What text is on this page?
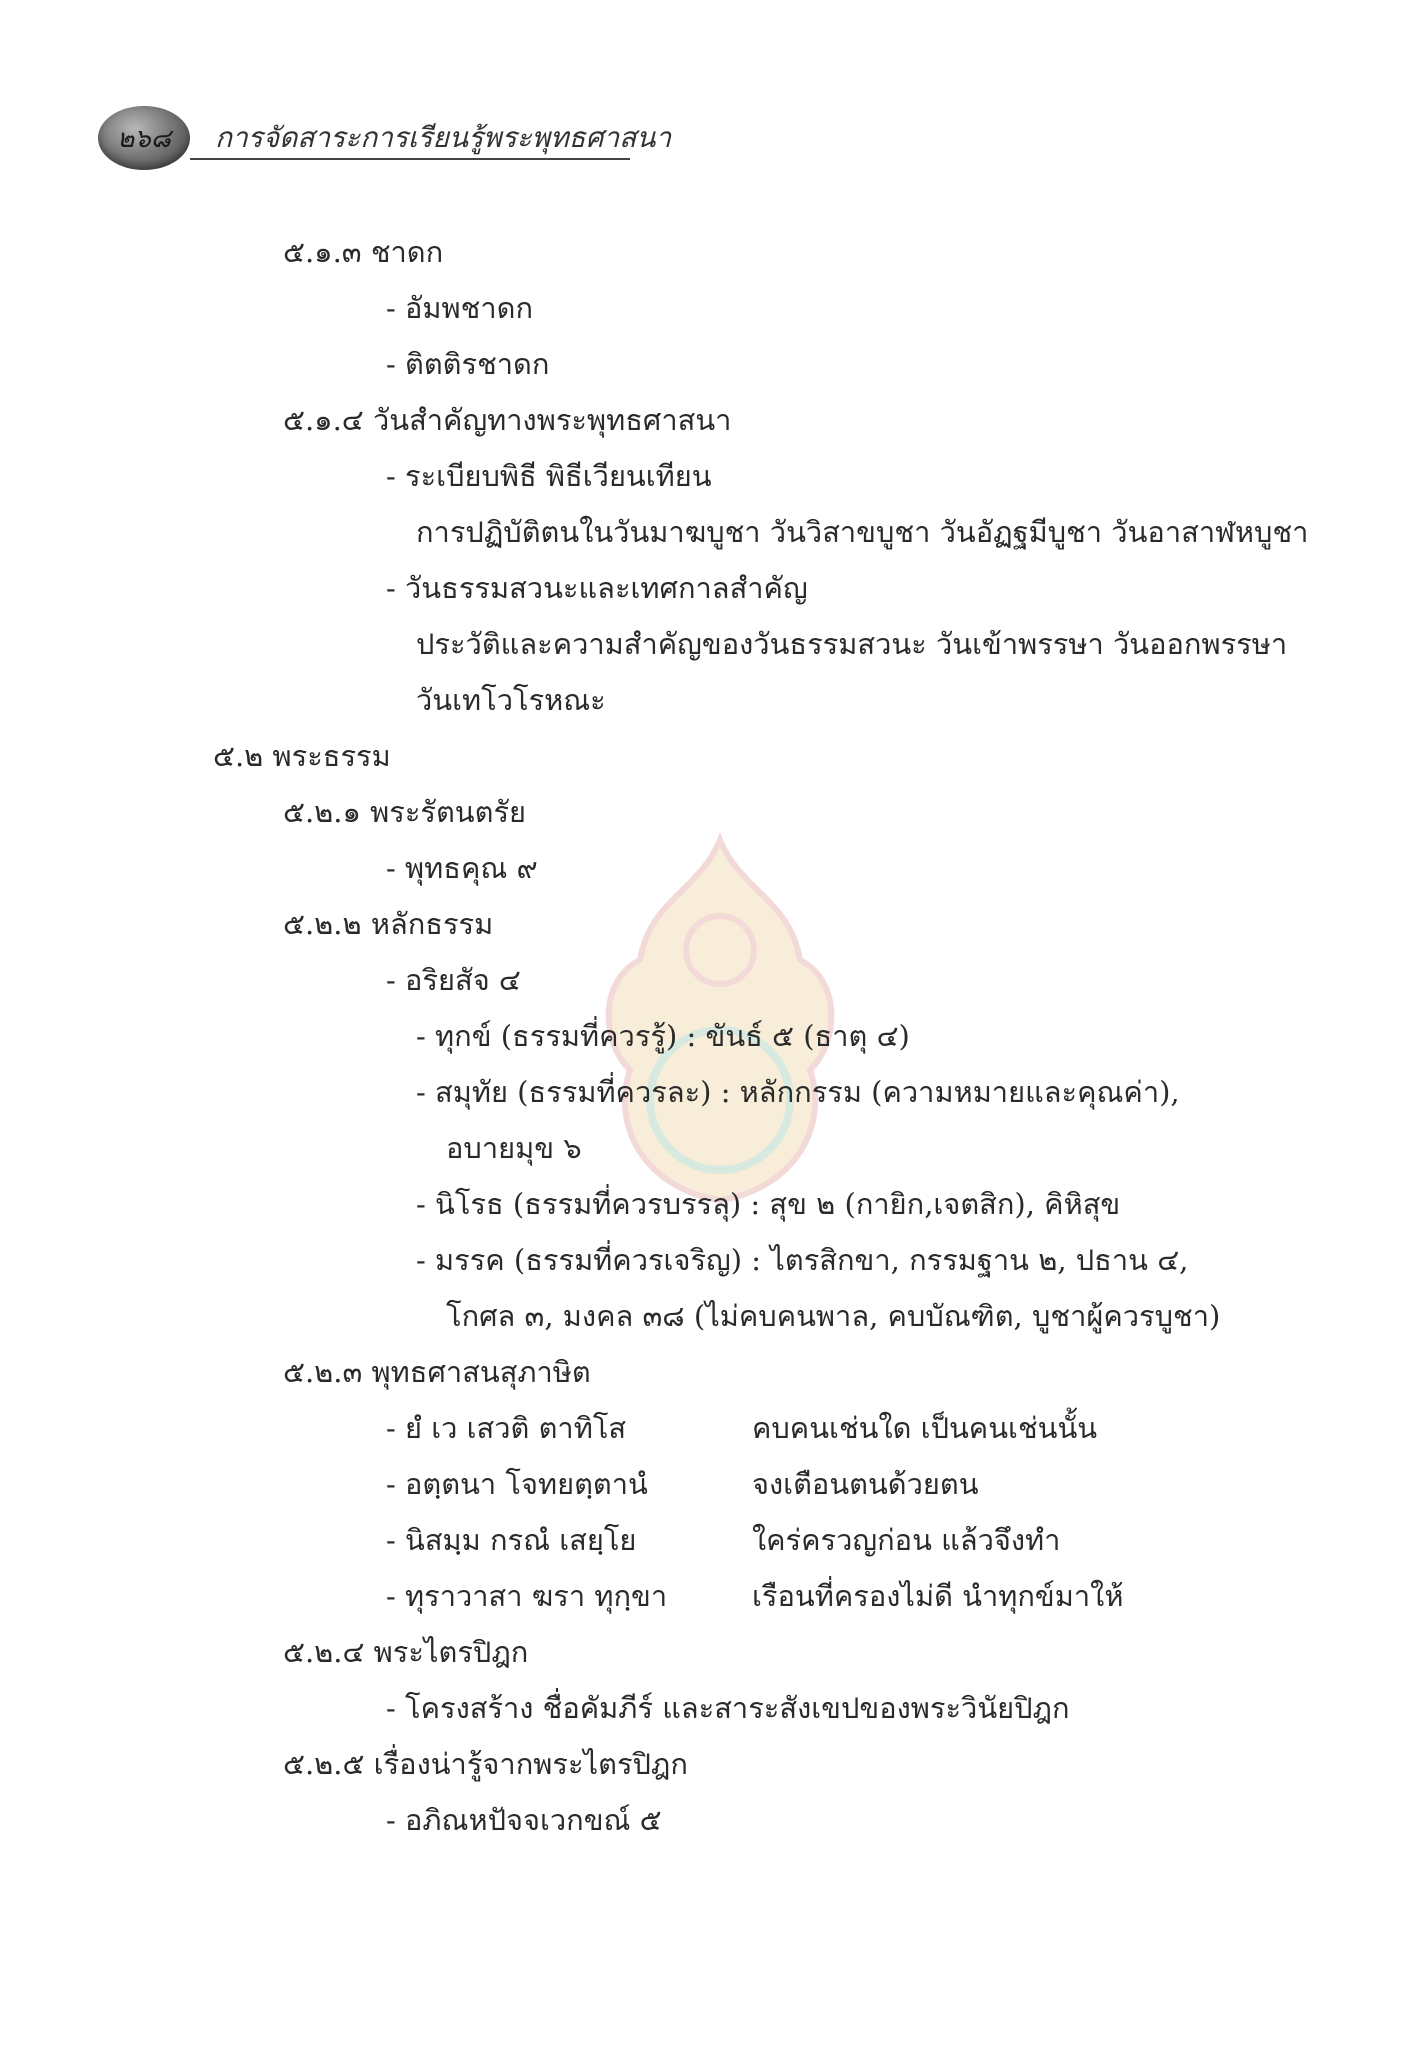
๒๖๘ การจัดสาระการเรียนรู้พระพุทธศาสนา
๕.๑.๓ ชาดก
- อัมพชาดก
- ติตติรชาดก
๕.๑.๔ วันสำคัญทางพระพุทธศาสนา
- ระเบียบพิธี พิธีเวียนเทียน
การปฏิบัติตนในวันมาฆบูชา วันวิสาขบูชา วันอัฏฐมีบูชา วันอาสาฬหบูชา
- วันธรรมสวนะและเทศกาลสำคัญ
ประวัติและความสำคัญของวันธรรมสวนะ วันเข้าพรรษา วันออกพรรษา
วันเทโวโรหณะ
๕.๒ พระธรรม
๕.๒.๑ พระรัตนตรัย
- พุทธคุณ ๙
๕.๒.๒ หลักธรรม
- อริยสัจ ๔
- ทุกข์ (ธรรมที่ควรรู้) : ขันธ์ ๕ (ธาตุ ๔)
- สมุทัย (ธรรมที่ควรละ) : หลักกรรม (ความหมายและคุณค่า),
อบายมุข ๖
- นิโรธ (ธรรมที่ควรบรรลุ) : สุข ๒ (กายิก,เจตสิก), คิหิสุข
- มรรค (ธรรมที่ควรเจริญ) : ไตรสิกขา, กรรมฐาน ๒, ปธาน ๔,
โกศล ๓, มงคล ๓๘ (ไม่คบคนพาล, คบบัณฑิต, บูชาผู้ควรบูชา)
๕.๒.๓ พุทธศาสนสุภาษิต
- ยํ เว เสวติ ตาทิโส	คบคนเช่นใด เป็นคนเช่นนั้น
- อตฺตนา โจทยตฺตานํ	จงเตือนตนด้วยตน
- นิสมฺม กรณํ เสยฺโย	ใคร่ครวญก่อน แล้วจึงทำ
- ทุราวาสา ฆรา ทุกฺขา	เรือนที่ครองไม่ดี นำทุกข์มาให้
๕.๒.๔ พระไตรปิฎก
- โครงสร้าง ชื่อคัมภีร์ และสาระสังเขปของพระวินัยปิฎก
๕.๒.๕ เรื่องน่ารู้จากพระไตรปิฎก
- อภิณหปัจจเวกขณ์ ๕
